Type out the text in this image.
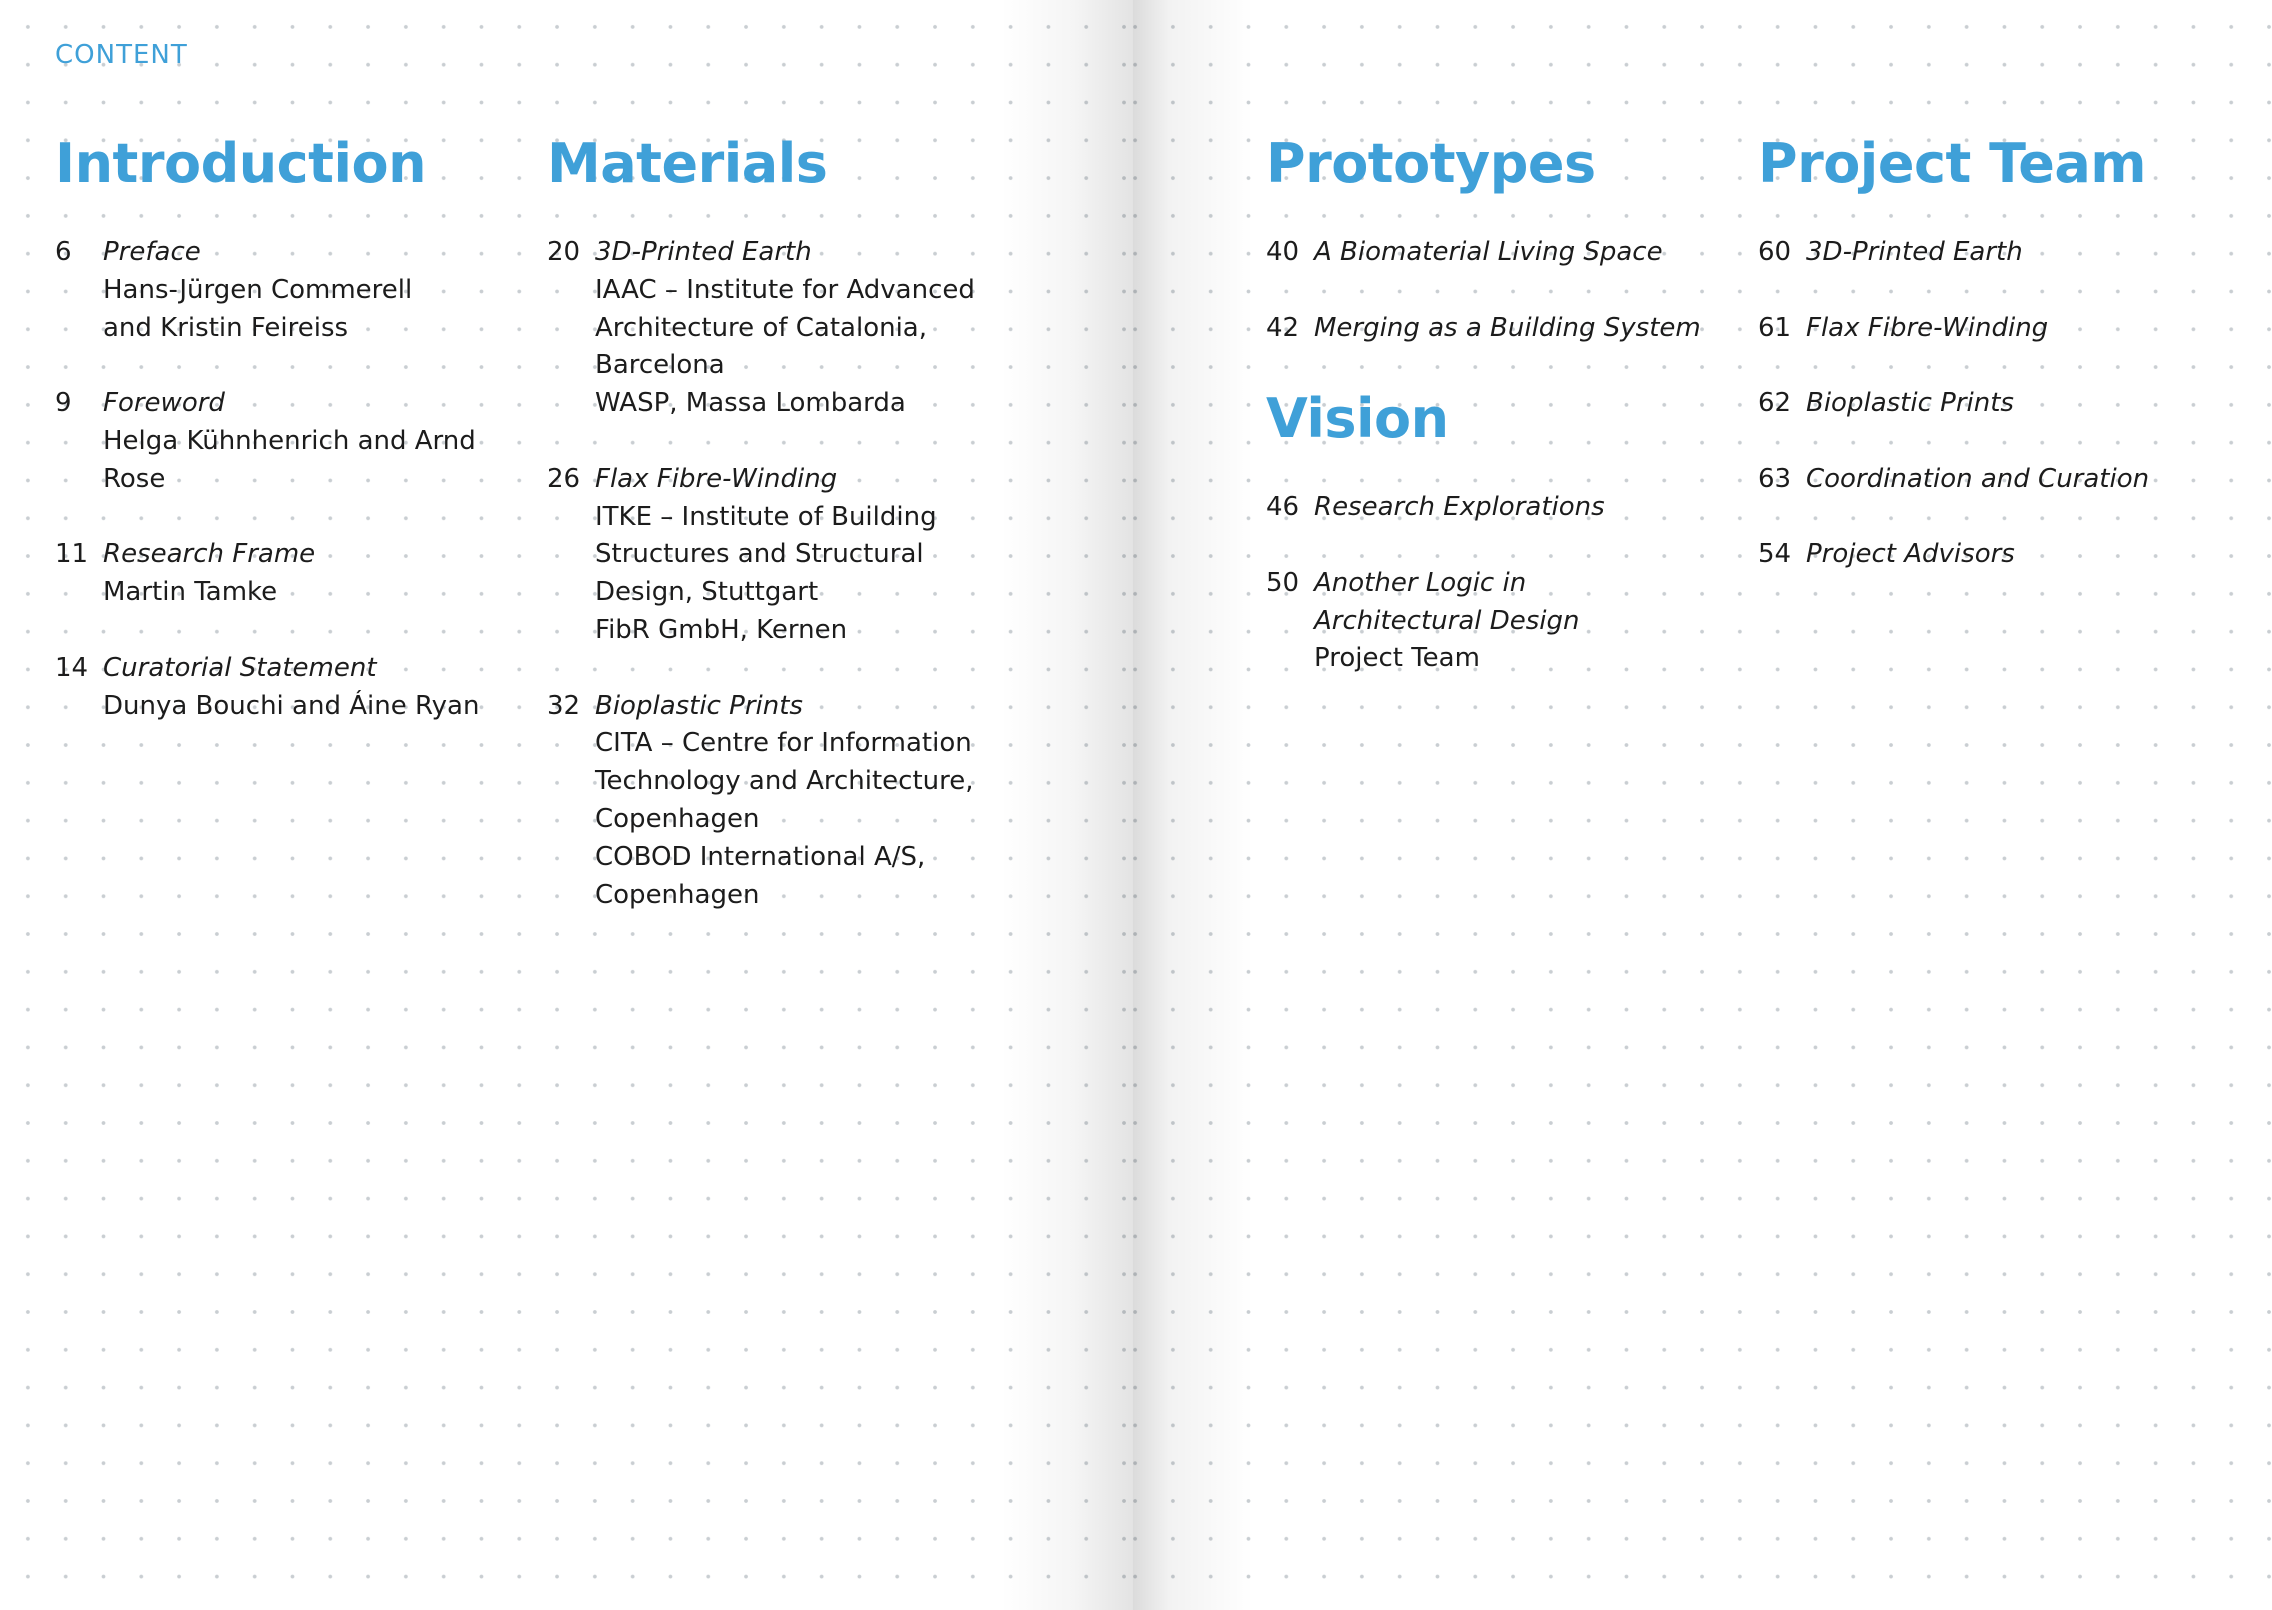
CONTENT
Introduction
6	Preface
Hans-Jürgen Commerell
and Kristin Feireiss
9	Foreword
Helga Kühnhenrich and Arnd Rose
11 Research Frame
Martin Tamke
14 Curatorial Statement
Dunya Bouchi and Áine Ryan
Materials
20 3D-Printed Earth
IAAC – Institute for Advanced
Architecture of Catalonia, Barcelona
WASP, Massa Lombarda
26 Flax Fibre-Winding
ITKE – Institute of Building
Structures and Structural
Design, Stuttgart
FibR GmbH, Kernen
32 Bioplastic Prints
CITA – Centre for Information
Technology and Architecture,
Copenhagen
COBOD International A/S,
Copenhagen
Prototypes
40 A Biomaterial Living Space
42 Merging as a Building System
Vision
46 Research Explorations
50 Another Logic in
Architectural Design
Project Team
Project Team
60 3D-Printed Earth
61 Flax Fibre-Winding
62 Bioplastic Prints
63 Coordination and Curation
54 Project Advisors
